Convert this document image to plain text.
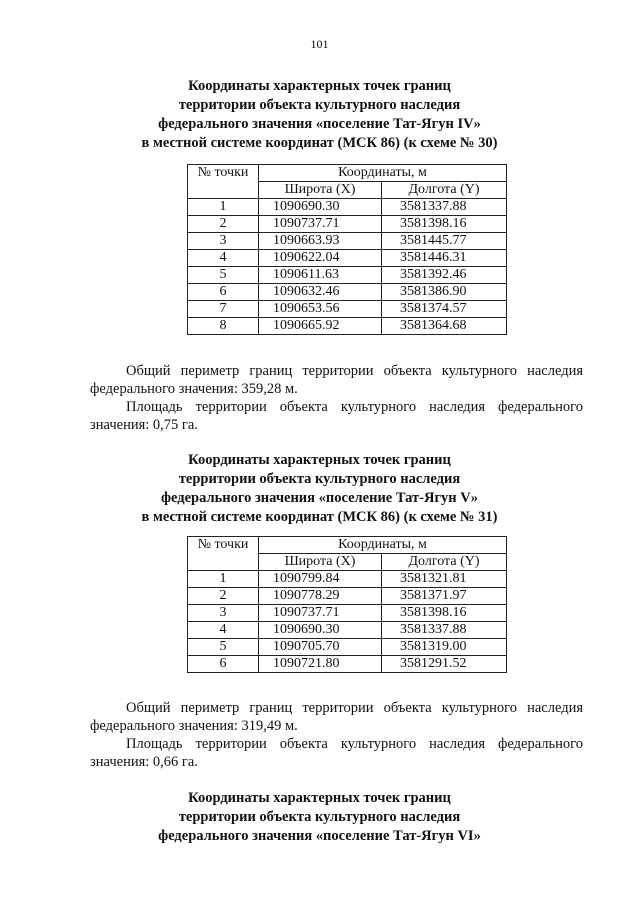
101
Координаты характерных точек границ
территории объекта культурного наследия
федерального значения «поселение Тат-Ягун IV»
в местной системе координат (МСК 86) (к схеме № 30)
№ точки	Координаты, м	
	Широта (X)	Долгота (Y)
1	1090690.30	3581337.88
2	1090737.71	3581398.16
3	1090663.93	3581445.77
4	1090622.04	3581446.31
5	1090611.63	3581392.46
6	1090632.46	3581386.90
7	1090653.56	3581374.57
8	1090665.92	3581364.68
Общий периметр границ территории объекта культурного наследия
федерального значения: 359,28 м.
Площадь территории объекта культурного наследия федерального
значения: 0,75 га.
Координаты характерных точек границ
территории объекта культурного наследия
федерального значения «поселение Тат-Ягун V»
в местной системе координат (МСК 86) (к схеме № 31)
№ точки	Координаты, м	
	Широта (X)	Долгота (Y)
1	1090799.84	3581321.81
2	1090778.29	3581371.97
3	1090737.71	3581398.16
4	1090690.30	3581337.88
5	1090705.70	3581319.00
6	1090721.80	3581291.52
Общий периметр границ территории объекта культурного наследия
федерального значения: 319,49 м.
Площадь территории объекта культурного наследия федерального
значения: 0,66 га.
Координаты характерных точек границ
территории объекта культурного наследия
федерального значения «поселение Тат-Ягун VI»
